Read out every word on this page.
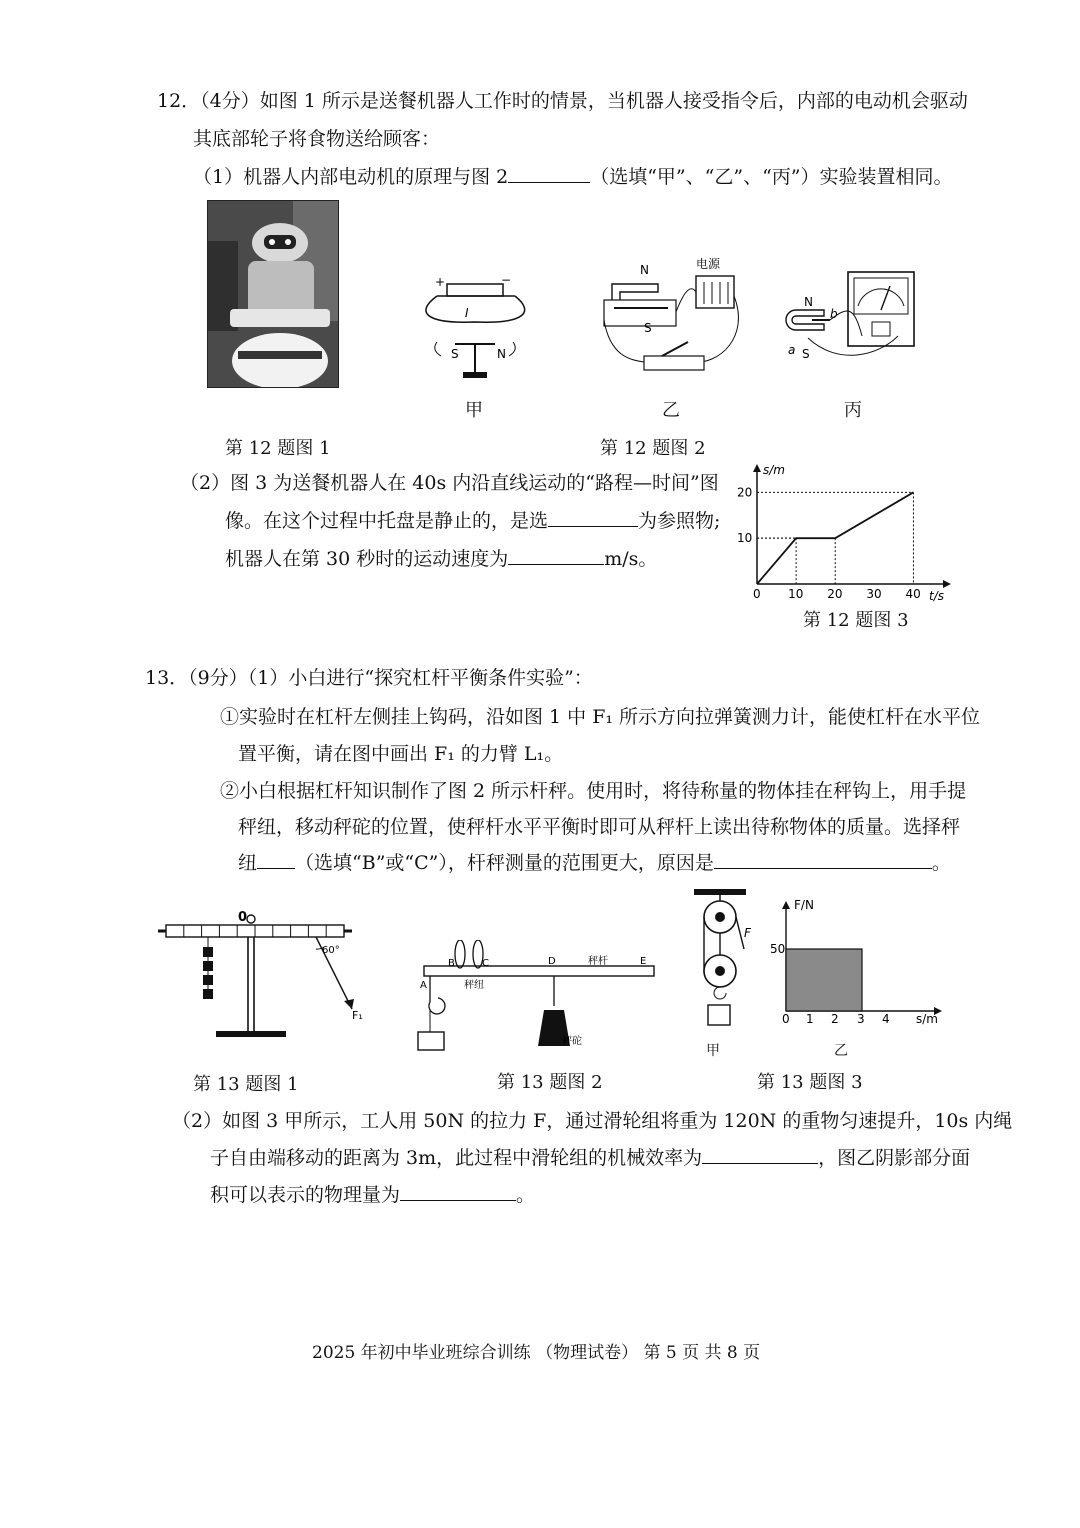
12．（4分）如图 1 所示是送餐机器人工作时的情景，当机器人接受指令后，内部的电动机会驱动
其底部轮子将食物送给顾客：
（1）机器人内部电动机的原理与图 2	（选填“甲”、“乙”、“丙”）实验装置相同。
+	−
I
S	N
甲
N	电源
S
乙
N
b
a S
丙
第 12 题图 1	第 12 题图 2
（2）图 3 为送餐机器人在 40s 内沿直线运动的“路程—时间”图
像。在这个过程中托盘是静止的，是选	为参照物;
机器人在第 30 秒时的运动速度为	m/s。
s/m
t/s
0 10 20 30 40
10
20
第 12 题图 3
13．（9分）（1）小白进行“探究杠杆平衡条件实验”：
①实验时在杠杆左侧挂上钩码，沿如图 1 中 F₁ 所示方向拉弹簧测力计，能使杠杆在水平位
置平衡，请在图中画出 F₁ 的力臂 L₁。
②小白根据杠杆知识制作了图 2 所示杆秤。使用时，将待称量的物体挂在秤钩上，用手提
秤纽，移动秤砣的位置，使秤杆水平平衡时即可从秤杆上读出待称物体的质量。选择秤
纽 （选填“B”或“C”），杆秤测量的范围更大，原因是	。
0
60°
F₁
第 13 题图 1
B	C
秤纽
D	秤杆	E
A
秤砣
第 13 题图 2
F
甲
F/N
s/m
50
0 1 2 3 4
乙
第 13 题图 3
（2）如图 3 甲所示，工人用 50N 的拉力 F，通过滑轮组将重为 120N 的重物匀速提升，10s 内绳
子自由端移动的距离为 3m，此过程中滑轮组的机械效率为	，图乙阴影部分面
积可以表示的物理量为	。
2025 年初中毕业班综合训练 （物理试卷） 第 5 页 共 8 页
